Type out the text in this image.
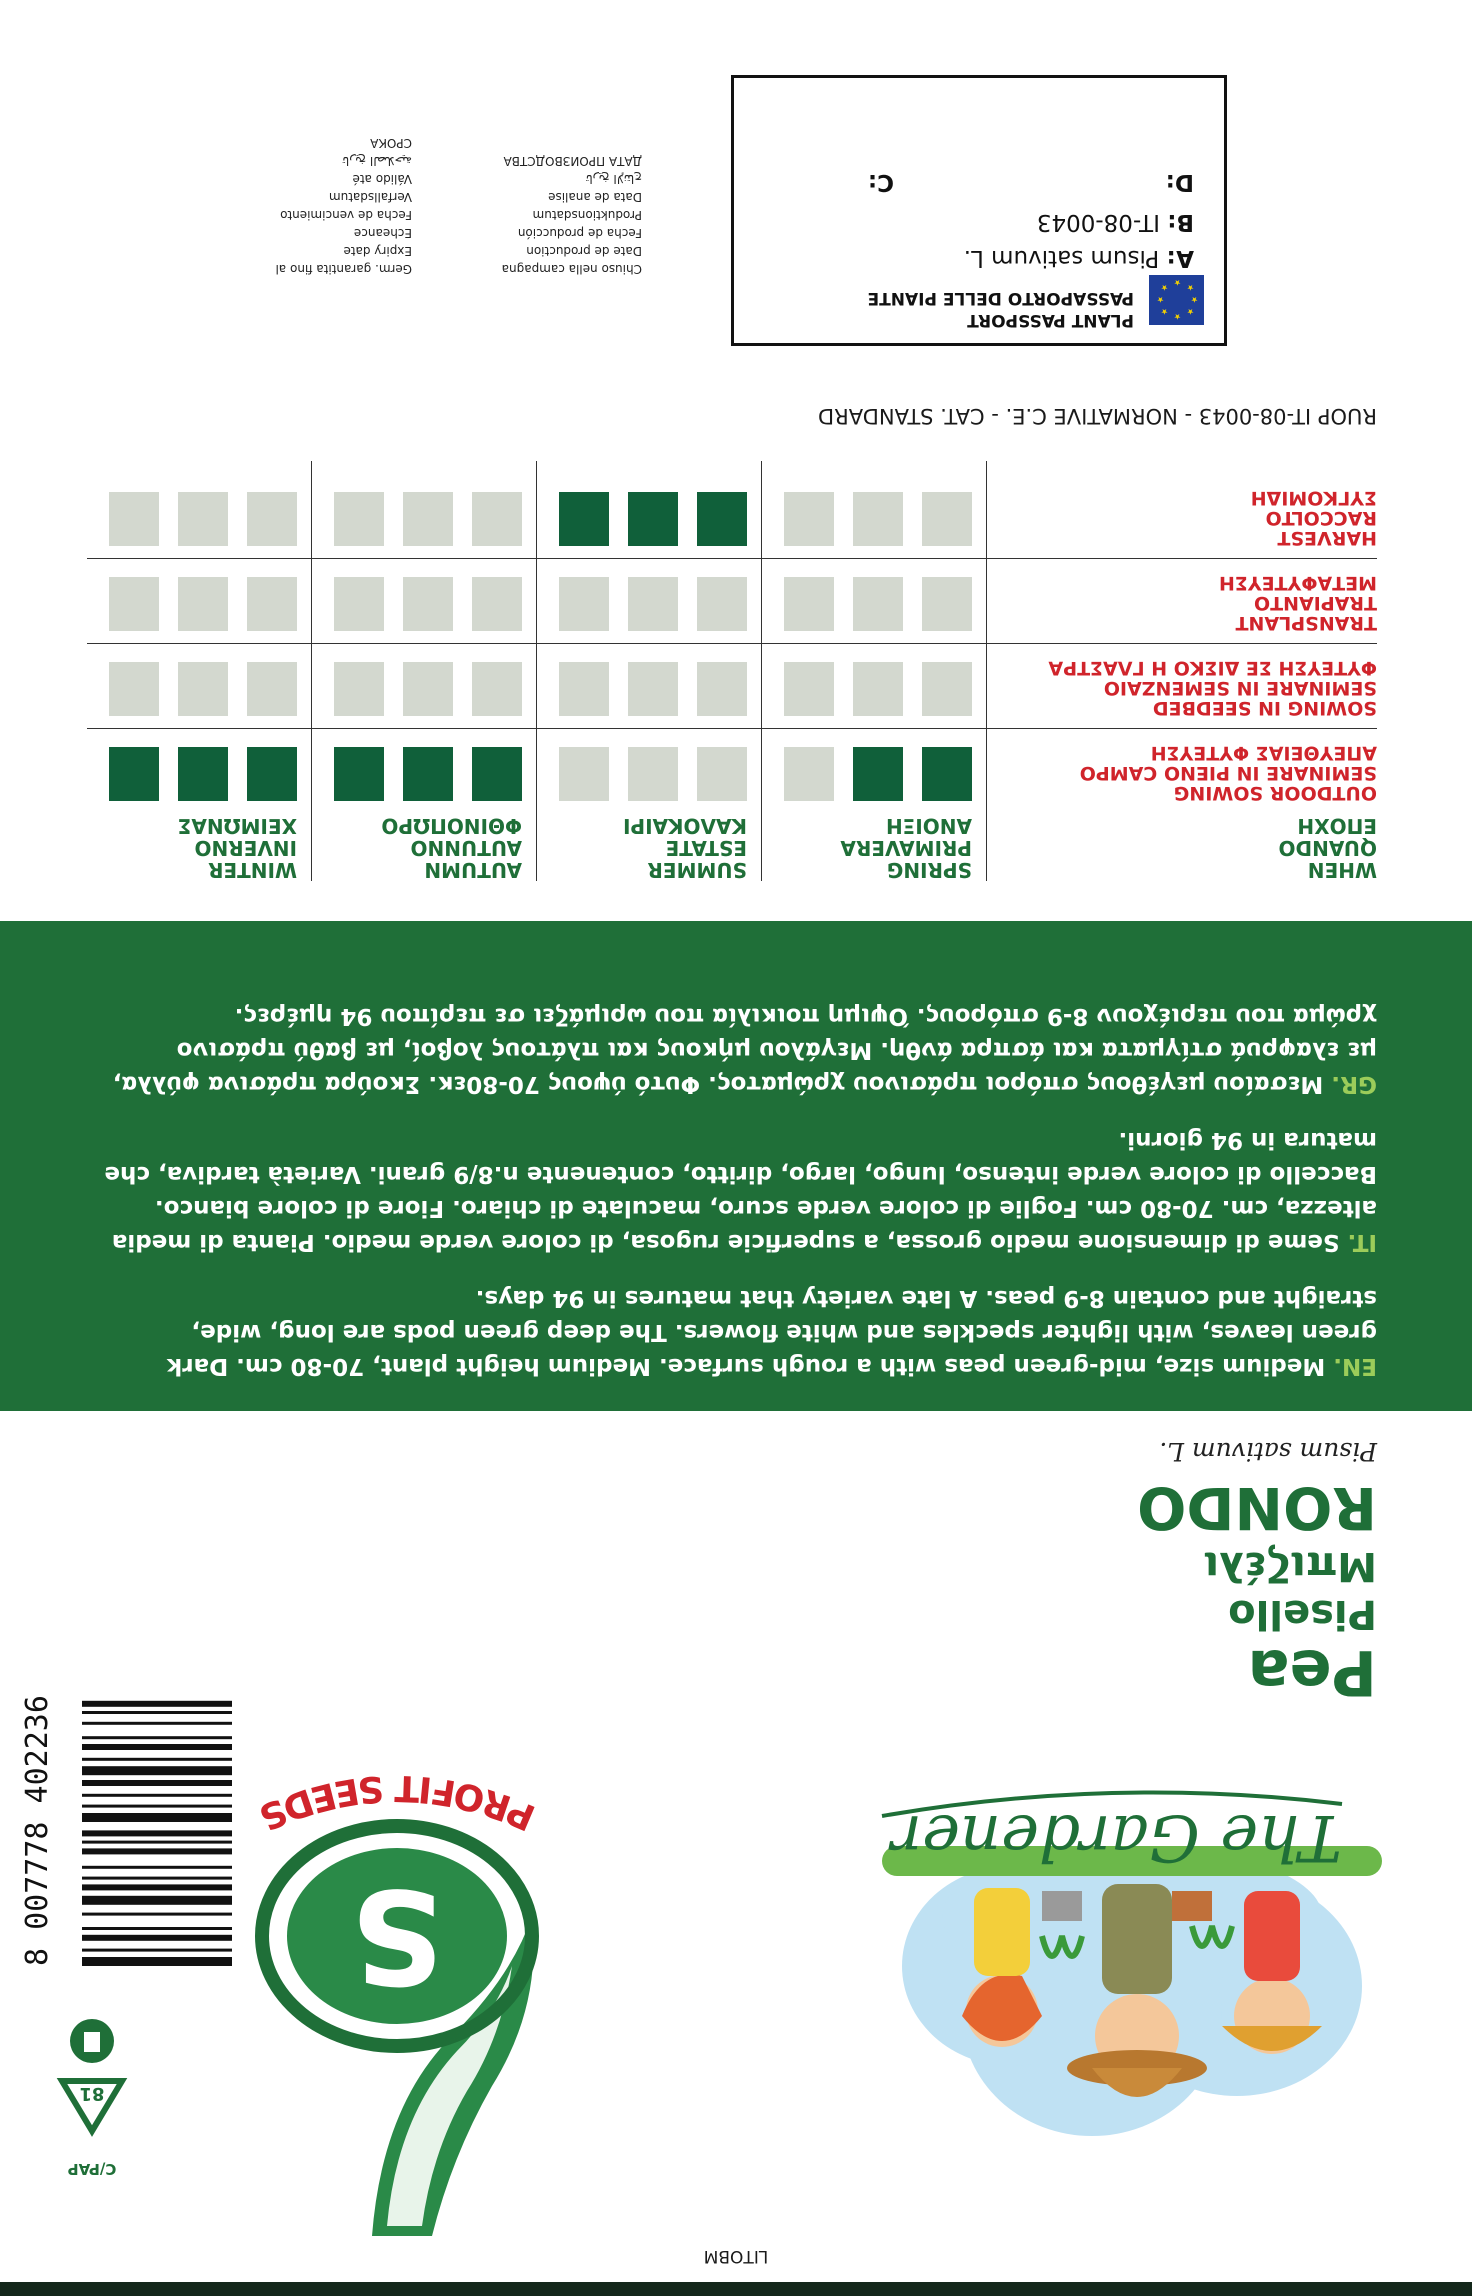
LITOBM
The Gardener
Pea
Pisello
Μπιζέλι
RONDO
Pisum sativum L.
S
PROFIT SEEDS
8 007778 402236
C/PAP
81

EN. Medium size, mid-green peas with a rough surface. Medium height plant, 70-80 cm. Dark green leaves, with lighter speckles and white flowers. The deep green pods are long, wide, straight and contain 8-9 peas. A late variety that matures in 94 days.

IT. Seme di dimensione medio grossa, a superficie rugosa, di colore verde medio. Pianta di media altezza, cm. 70-80 cm. Foglie di colore verde scuro, maculate di chiaro. Fiore di colore bianco. Baccello di colore verde intenso, lungo, largo, diritto, contenente n.8/9 grani. Varietà tardiva, che matura in 94 giorni.

GR. Μεσαίου μεγέθους σπόροι πράσινου χρώματος. Φυτό ύψους 70-80εκ. Σκούρα πράσινα φύλλα, με ελαφρυά στίγματα και άσπρα άνθη. Μεγάλου μήκους και πλάτους λοβοί, με βαθύ πράσινο χρώμα που περιέχουν 8-9 σπόρους. Όψιμη ποικιλία που ωριμάζει σε περίπου 94 ημέρες.

WHEN
QUANDO
ΕΠΟΧΗ
SPRING
PRIMAVERA
ΑΝΟΙΞΗ
SUMMER
ESTATE
ΚΑΛΟΚΑΙΡΙ
AUTUMN
AUTUNNO
ΦΘΙΝΟΠΩΡΟ
WINTER
INVERNO
ΧΕΙΜΩΝΑΣ
OUTDOOR SOWING
SEMINARE IN PIENO CAMPO
ΑΠΕΥΘΕΙΑΣ ΦΥΤΕΥΣΗ
SOWING IN SEEDBED
SEMINARE IN SEMENZAIO
ΦΥΤΕΥΣΗ ΣΕ ΔΙΣΚΟ Η ΓΛΑΣΤΡΑ
TRANSPLANT
TRAPIANTO
ΜΕΤΑΦΥΤΕΥΣΗ
HARVEST
RACCOLTO
ΣΥΓΚΟΜΙΔΗ
RUOP IT-08-0043 - NORMATIVE C.E. - CAT. STANDARD
★
★
★
★
★
★
★
★
PLANT PASSPORT
PASSAPORTO DELLE PIANTE
D:
C:
B: IT-08-0043
A: Pisum sativum L.
Chiuso nella campagna
Date de production
Fecha de producción
Produktionsdatum
Data de analise
تاريخ الإنتاج
ДАТА ПРОИЗВОДСТВА
Germ. garantita fino al
Expiry date
Echeance
Fecha de vencimiento
Verfallsdatum
Válido até
تاريخ الصلاحية
СРОКА
